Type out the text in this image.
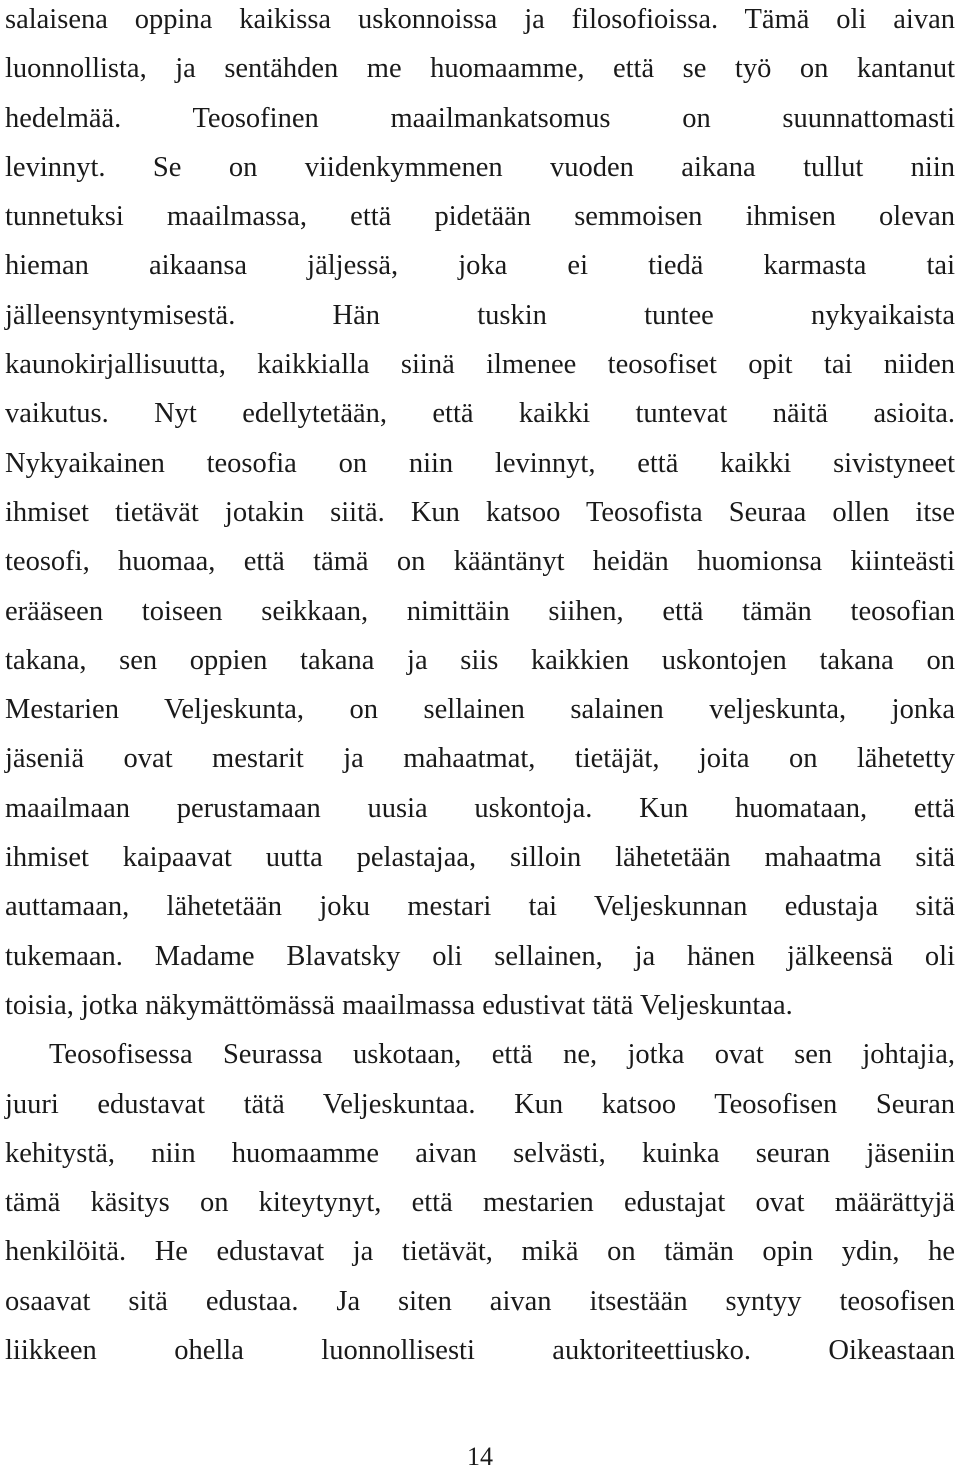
salaisena oppina kaikissa uskonnoissa ja filosofioissa. Tämä oli aivan
luonnollista, ja sentähden me huomaamme, että se työ on kantanut
hedelmää. Teosofinen maailmankatsomus on suunnattomasti
levinnyt. Se on viidenkymmenen vuoden aikana tullut niin
tunnetuksi maailmassa, että pidetään semmoisen ihmisen olevan
hieman aikaansa jäljessä, joka ei tiedä karmasta tai
jälleensyntymisestä. Hän tuskin tuntee nykyaikaista
kaunokirjallisuutta, kaikkialla siinä ilmenee teosofiset opit tai niiden
vaikutus. Nyt edellytetään, että kaikki tuntevat näitä asioita.
Nykyaikainen teosofia on niin levinnyt, että kaikki sivistyneet
ihmiset tietävät jotakin siitä. Kun katsoo Teosofista Seuraa ollen itse
teosofi, huomaa, että tämä on kääntänyt heidän huomionsa kiinteästi
erääseen toiseen seikkaan, nimittäin siihen, että tämän teosofian
takana, sen oppien takana ja siis kaikkien uskontojen takana on
Mestarien Veljeskunta, on sellainen salainen veljeskunta, jonka
jäseniä ovat mestarit ja mahaatmat, tietäjät, joita on lähetetty
maailmaan perustamaan uusia uskontoja. Kun huomataan, että
ihmiset kaipaavat uutta pelastajaa, silloin lähetetään mahaatma sitä
auttamaan, lähetetään joku mestari tai Veljeskunnan edustaja sitä
tukemaan. Madame Blavatsky oli sellainen, ja hänen jälkeensä oli
toisia, jotka näkymättömässä maailmassa edustivat tätä Veljeskuntaa.
Teosofisessa Seurassa uskotaan, että ne, jotka ovat sen johtajia,
juuri edustavat tätä Veljeskuntaa. Kun katsoo Teosofisen Seuran
kehitystä, niin huomaamme aivan selvästi, kuinka seuran jäseniin
tämä käsitys on kiteytynyt, että mestarien edustajat ovat määrättyjä
henkilöitä. He edustavat ja tietävät, mikä on tämän opin ydin, he
osaavat sitä edustaa. Ja siten aivan itsestään syntyy teosofisen
liikkeen ohella luonnollisesti auktoriteettiusko. Oikeastaan
14
